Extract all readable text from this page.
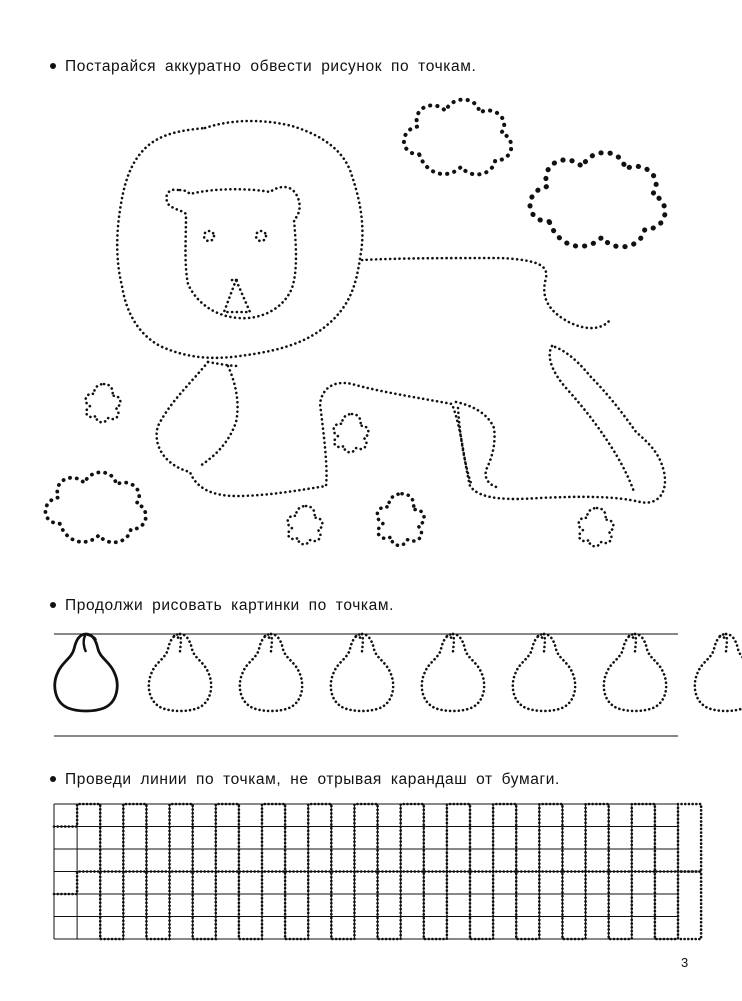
Постарайся аккуратно обвести рисунок по точкам.
Продолжи рисовать картинки по точкам.
Проведи линии по точкам, не отрывая карандаш от бумаги.
3
